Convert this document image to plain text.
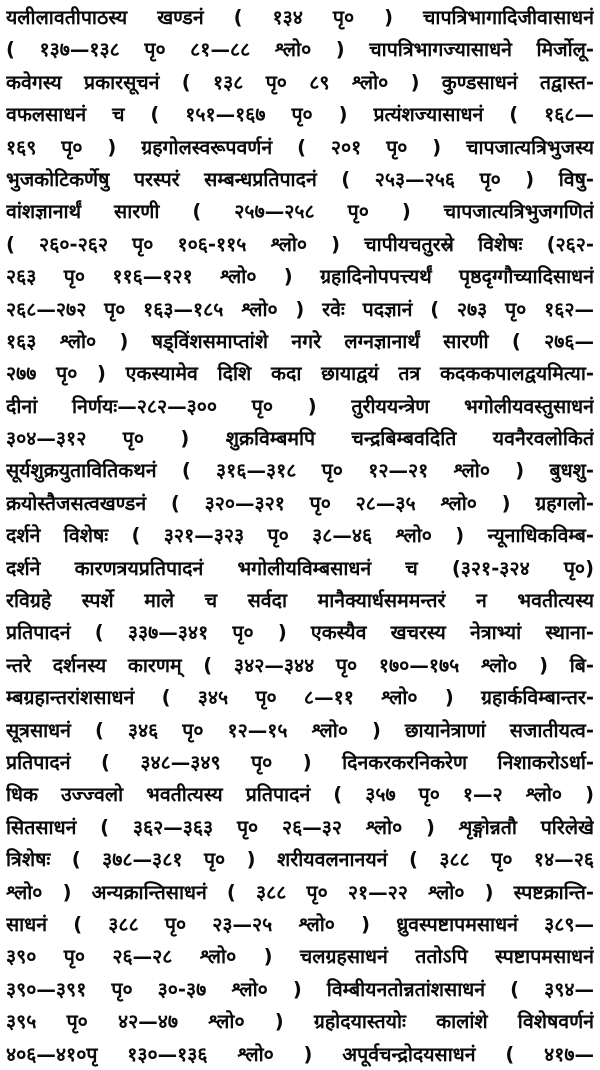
यलीलावतीपाठस्य खण्डनं ( १३४ पृ० ) चापत्रिभागादिजीवासाधनं
( १३७—१३८ पृ० ८१—८८ श्लो० ) चापत्रिभागज्यासाधने मिर्जोलू-
कवेगस्य प्रकारसूचनं ( १३८ पृ० ८९ श्लो० ) कुण्डसाधनं तद्वास्त-
वफलसाधनं च ( १५१—१६७ पृ० ) प्रत्यंशज्यासाधनं ( १६८—
१६९ पृ० ) ग्रहगोलस्वरूपवर्णनं ( २०१ पृ० ) चापजात्यत्रिभुजस्य
भुजकोटिकर्णेषु परस्परं सम्बन्धप्रतिपादनं ( २५३—२५६ पृ० ) विषु-
वांशज्ञानार्थं सारणी ( २५७—२५८ पृ० ) चापजात्यत्रिभुजगणितं
( २६०-२६२ पृ० १०६-११५ श्लो० ) चापीयचतुरस्रे विशेषः (२६२-
२६३ पृ० ११६—१२१ श्लो० ) ग्रहादिनोपपत्त्यर्थं पृष्ठदृग्गौच्यादिसाधनं
२६८—२७२ पृ० १६३—१८५ श्लो० ) रवेः पदज्ञानं ( २७३ पृ० १६२—
१६३ श्लो० ) षड्विंशसमाप्तांशे नगरे लग्नज्ञानार्थं सारणी ( २७६—
२७७ पृ० ) एकस्यामेव दिशि कदा छायाद्वयं तत्र कदककपालद्वयमित्या-
दीनां निर्णयः—२८२—३०० पृ० ) तुरीययन्त्रेण भगोलीयवस्तुसाधनं
३०४—३१२ पृ० ) शुक्रविम्बमपि चन्द्रबिम्बवदिति यवनैरवलोकितं
सूर्यशुक्रयुतावितिकथनं ( ३१६—३१८ पृ० १२—२१ श्लो० ) बुधशु-
क्रयोस्तैजसत्वखण्डनं ( ३२०—३२१ पृ० २८—३५ श्लो० ) ग्रहगलो-
दर्शने विशेषः ( ३२१—३२३ पृ० ३८—४६ श्लो० ) न्यूनाधिकविम्ब-
दर्शने कारणत्रयप्रतिपादनं भगोलीयविम्बसाधनं च (३२१-३२४ पृ०)
रविग्रहे स्पर्शे माले च सर्वदा मानैक्यार्धसममन्तरं न भवतीत्यस्य
प्रतिपादनं ( ३३७—३४१ पृ० ) एकस्यैव खचरस्य नेत्राभ्यां स्थाना-
न्तरे दर्शनस्य कारणम् ( ३४२—३४४ पृ० १७०—१७५ श्लो० ) बि-
म्बग्रहान्तरांशसाधनं ( ३४५ पृ० ८—११ श्लो० ) ग्रहार्कविम्बान्तर-
सूत्रसाधनं ( ३४६ पृ० १२—१५ श्लो० ) छायानेत्राणां सजातीयत्व-
प्रतिपादनं ( ३४८—३४९ पृ० ) दिनकरकरनिकरेण निशाकरोऽर्धा-
धिक उज्ज्वलो भवतीत्यस्य प्रतिपादनं ( ३५७ पृ० १—२ श्लो० )
सितसाधनं ( ३६२—३६३ पृ० २६—३२ श्लो० ) शृङ्गोन्नतौ परिलेखे
त्रिशेषः ( ३७८—३८१ पृ० ) शरीयवलनानयनं ( ३८८ पृ० १४—२६
श्लो० ) अन्यक्रान्तिसाधनं ( ३८८ पृ० २१—२२ श्लो० ) स्पष्टक्रान्ति-
साधनं ( ३८८ पृ० २३—२५ श्लो० ) ध्रुवस्पष्टापमसाधनं ३८९—
३९० पृ० २६—२८ श्लो० ) चलग्रहसाधनं ततोऽपि स्पष्टापमसाधनं
३९०—३९१ पृ० ३०-३७ श्लो० ) विम्बीयनतोन्नतांशसाधनं ( ३९४—
३९५ पृ० ४२—४७ श्लो० ) ग्रहोदयास्तयोः कालांशे विशेषवर्णनं
४०६—४१०पृ १३०—१३६ श्लो० ) अपूर्वचन्द्रोदयसाधनं ( ४१७—
